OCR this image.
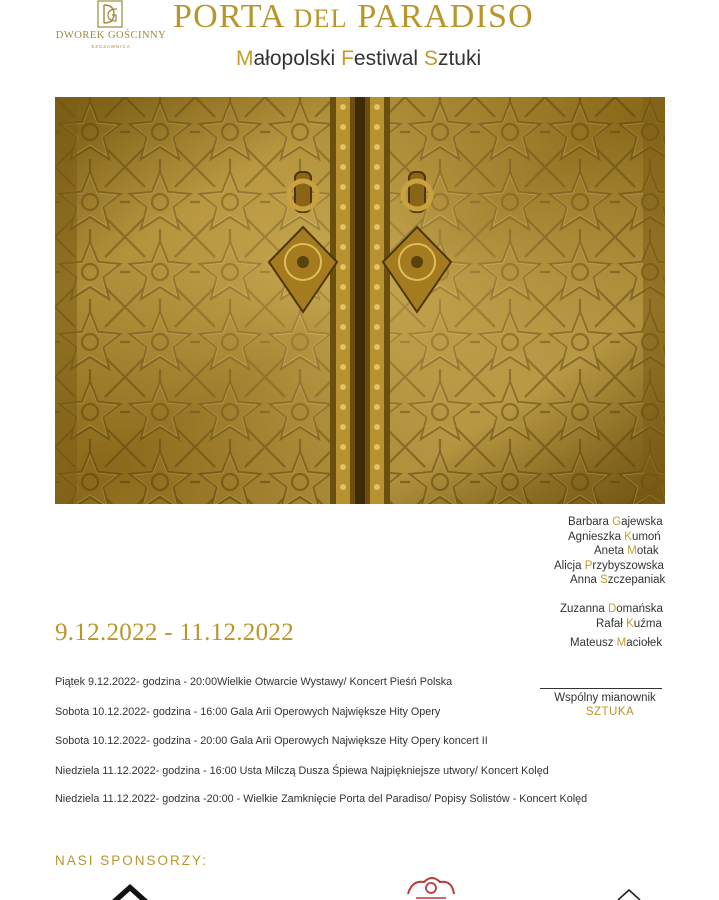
DWOREK GOŚCINNY
SZCZAWNICA
PORTA DEL PARADISO
Małopolski Festiwal Sztuki
Barbara Gajewska
Agnieszka Kumoń
Aneta Motak
Alicja Przybyszowska
Anna Szczepaniak
Zuzanna Domańska
Rafał Kuźma
Mateusz Maciołek
9.12.2022 - 11.12.2022
Wspólny mianownik
SZTUKA
Piątek 9.12.2022- godzina - 20:00Wielkie Otwarcie Wystawy/ Koncert Pieśń Polska
Sobota 10.12.2022- godzina - 16:00 Gala Arii Operowych Największe Hity Opery
Sobota 10.12.2022- godzina - 20:00 Gala Arii Operowych Największe Hity Opery koncert II
Niedziela 11.12.2022- godzina - 16:00 Usta Milczą Dusza Śpiewa Najpiękniejsze utwory/ Koncert Kolęd
Niedziela 11.12.2022- godzina -20:00 - Wielkie Zamknięcie Porta del Paradiso/ Popisy Solistów - Koncert Kolęd
NASI SPONSORZY:
